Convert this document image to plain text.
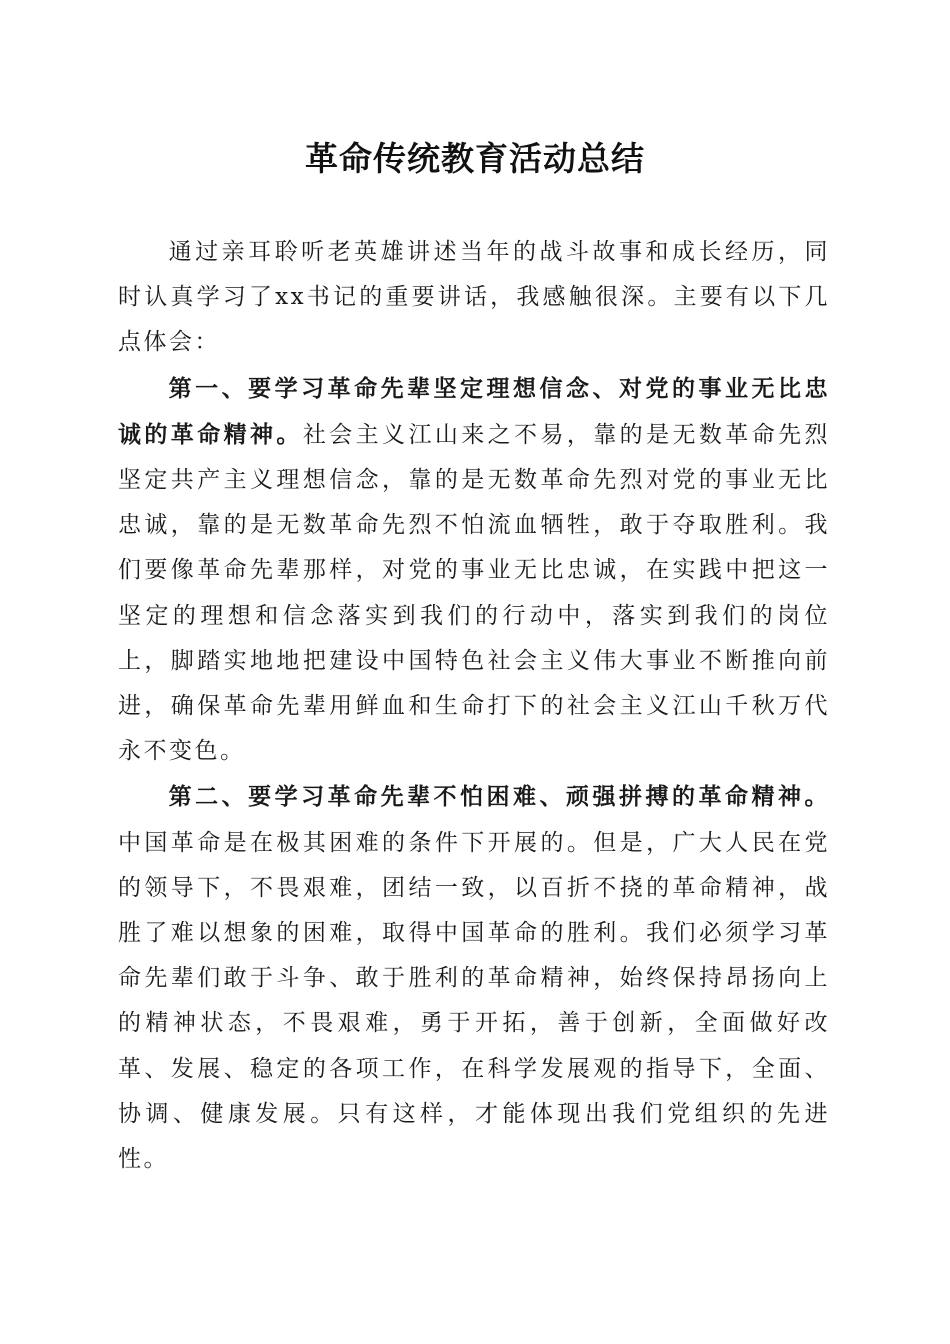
革命传统教育活动总结

通过亲耳聆听老英雄讲述当年的战斗故事和成长经历，同时认真学习了xx书记的重要讲话，我感触很深。主要有以下几点体会：

第一、要学习革命先辈坚定理想信念、对党的事业无比忠诚的革命精神。社会主义江山来之不易，靠的是无数革命先烈坚定共产主义理想信念，靠的是无数革命先烈对党的事业无比忠诚，靠的是无数革命先烈不怕流血牺牲，敢于夺取胜利。我们要像革命先辈那样，对党的事业无比忠诚，在实践中把这一坚定的理想和信念落实到我们的行动中，落实到我们的岗位上，脚踏实地地把建设中国特色社会主义伟大事业不断推向前进，确保革命先辈用鲜血和生命打下的社会主义江山千秋万代永不变色。

第二、要学习革命先辈不怕困难、顽强拼搏的革命精神。中国革命是在极其困难的条件下开展的。但是，广大人民在党的领导下，不畏艰难，团结一致，以百折不挠的革命精神，战胜了难以想象的困难，取得中国革命的胜利。我们必须学习革命先辈们敢于斗争、敢于胜利的革命精神，始终保持昂扬向上的精神状态，不畏艰难，勇于开拓，善于创新，全面做好改革、发展、稳定的各项工作，在科学发展观的指导下，全面、协调、健康发展。只有这样，才能体现出我们党组织的先进性。
